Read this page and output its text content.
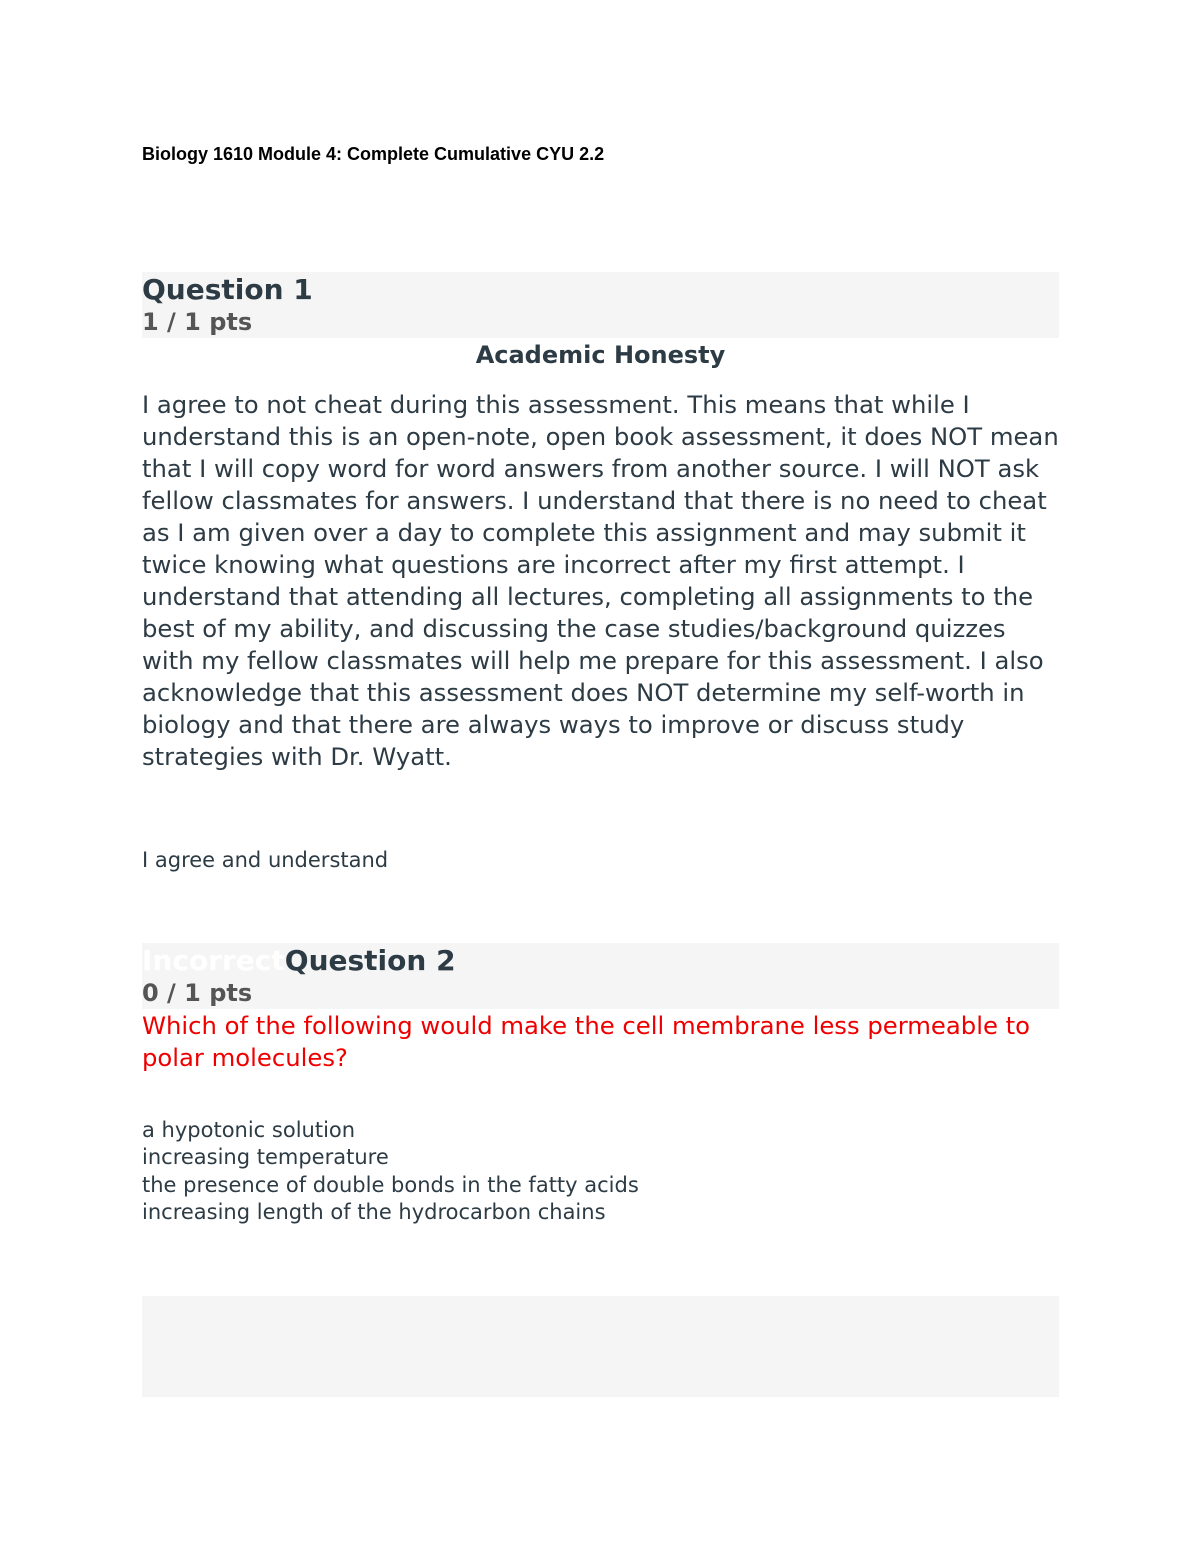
Biology 1610 Module 4: Complete Cumulative CYU 2.2
Question 1
1 / 1 pts
Academic Honesty

I agree to not cheat during this assessment. This means that while I understand this is an open-note, open book assessment, it does NOT mean that I will copy word for word answers from another source. I will NOT ask fellow classmates for answers. I understand that there is no need to cheat as I am given over a day to complete this assignment and may submit it twice knowing what questions are incorrect after my first attempt. I understand that attending all lectures, completing all assignments to the best of my ability, and discussing the case studies/background quizzes with my fellow classmates will help me prepare for this assessment. I also acknowledge that this assessment does NOT determine my self-worth in biology and that there are always ways to improve or discuss study strategies with Dr. Wyatt.

I agree and understand
IncorrectQuestion 2
0 / 1 pts
Which of the following would make the cell membrane less permeable to polar molecules?
a hypotonic solution
increasing temperature
the presence of double bonds in the fatty acids
increasing length of the hydrocarbon chains
